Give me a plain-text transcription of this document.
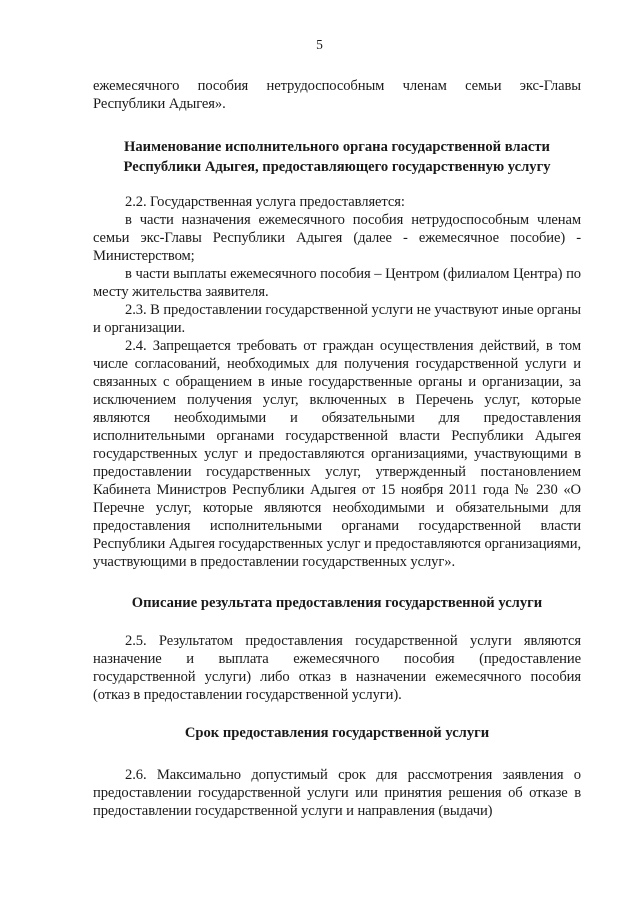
5

ежемесячного пособия нетрудоспособным членам семьи экс-Главы Республики Адыгея».

Наименование исполнительного органа государственной власти
Республики Адыгея, предоставляющего государственную услугу

2.2. Государственная услуга предоставляется:

в части назначения ежемесячного пособия нетрудоспособным членам семьи экс-Главы Республики Адыгея (далее - ежемесячное пособие) - Министерством;

в части выплаты ежемесячного пособия – Центром (филиалом Центра) по месту жительства заявителя.

2.3. В предоставлении государственной услуги не участвуют иные органы и организации.

2.4. Запрещается требовать от граждан осуществления действий, в том числе согласований, необходимых для получения государственной услуги и связанных с обращением в иные государственные органы и организации, за исключением получения услуг, включенных в Перечень услуг, которые являются необходимыми и обязательными для предоставления исполнительными органами государственной власти Республики Адыгея государственных услуг и предоставляются организациями, участвующими в предоставлении государственных услуг, утвержденный постановлением Кабинета Министров Республики Адыгея от 15 ноября 2011 года № 230 «О Перечне услуг, которые являются необходимыми и обязательными для предоставления исполнительными органами государственной власти Республики Адыгея государственных услуг и предоставляются организациями, участвующими в предоставлении государственных услуг».

Описание результата предоставления государственной услуги

2.5. Результатом предоставления государственной услуги являются назначение и выплата ежемесячного пособия (предоставление государственной услуги) либо отказ в назначении ежемесячного пособия (отказ в предоставлении государственной услуги).

Срок предоставления государственной услуги

2.6. Максимально допустимый срок для рассмотрения заявления о предоставлении государственной услуги или принятия решения об отказе в предоставлении государственной услуги и направления (выдачи)
